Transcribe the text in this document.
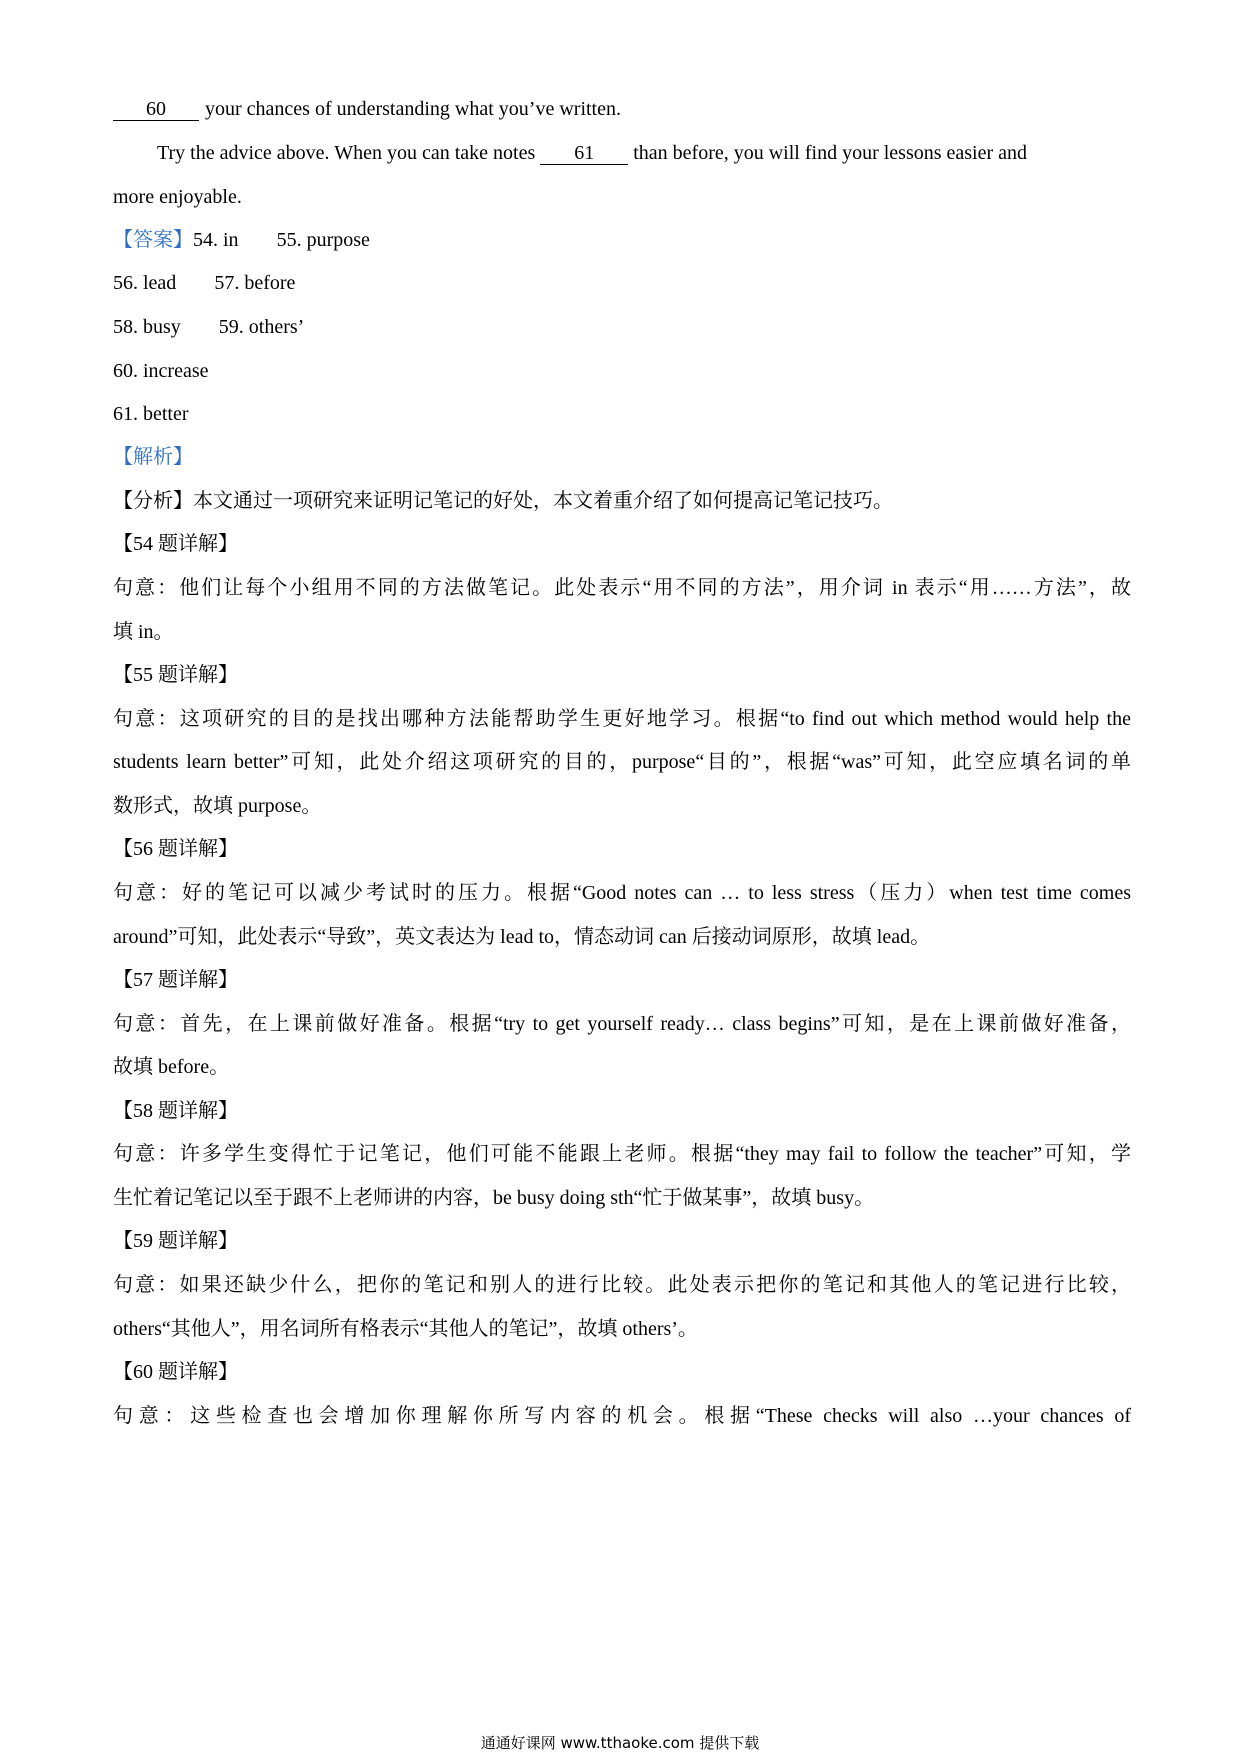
60 your chances of understanding what you’ve written.
Try the advice above. When you can take notes 61 than before, you will find your lessons easier and
more enjoyable.
【答案】54. in 55. purpose
56. lead 57. before
58. busy 59. others’
60. increase
61. better
【解析】
【分析】本文通过一项研究来证明记笔记的好处，本文着重介绍了如何提高记笔记技巧。
【54 题详解】
句意：他们让每个小组用不同的方法做笔记。此处表示“用不同的方法”，用介词 in 表示“用……方法”，故
填 in。
【55 题详解】
句意：这项研究的目的是找出哪种方法能帮助学生更好地学习。根据“to find out which method would help the
students learn better”可知，此处介绍这项研究的目的，purpose“目的”，根据“was”可知，此空应填名词的单
数形式，故填 purpose。
【56 题详解】
句意：好的笔记可以减少考试时的压力。根据“Good notes can … to less stress（压力）when test time comes
around”可知，此处表示“导致”，英文表达为 lead to，情态动词 can 后接动词原形，故填 lead。
【57 题详解】
句意：首先，在上课前做好准备。根据“try to get yourself ready… class begins”可知，是在上课前做好准备，
故填 before。
【58 题详解】
句意：许多学生变得忙于记笔记，他们可能不能跟上老师。根据“they may fail to follow the teacher”可知，学
生忙着记笔记以至于跟不上老师讲的内容，be busy doing sth“忙于做某事”，故填 busy。
【59 题详解】
句意：如果还缺少什么，把你的笔记和别人的进行比较。此处表示把你的笔记和其他人的笔记进行比较，
others“其他人”，用名词所有格表示“其他人的笔记”，故填 others’。
【60 题详解】
句意：这些检查也会增加你理解你所写内容的机会。根据“These checks will also …your chances of
通通好课网 www.tthaoke.com 提供下载
